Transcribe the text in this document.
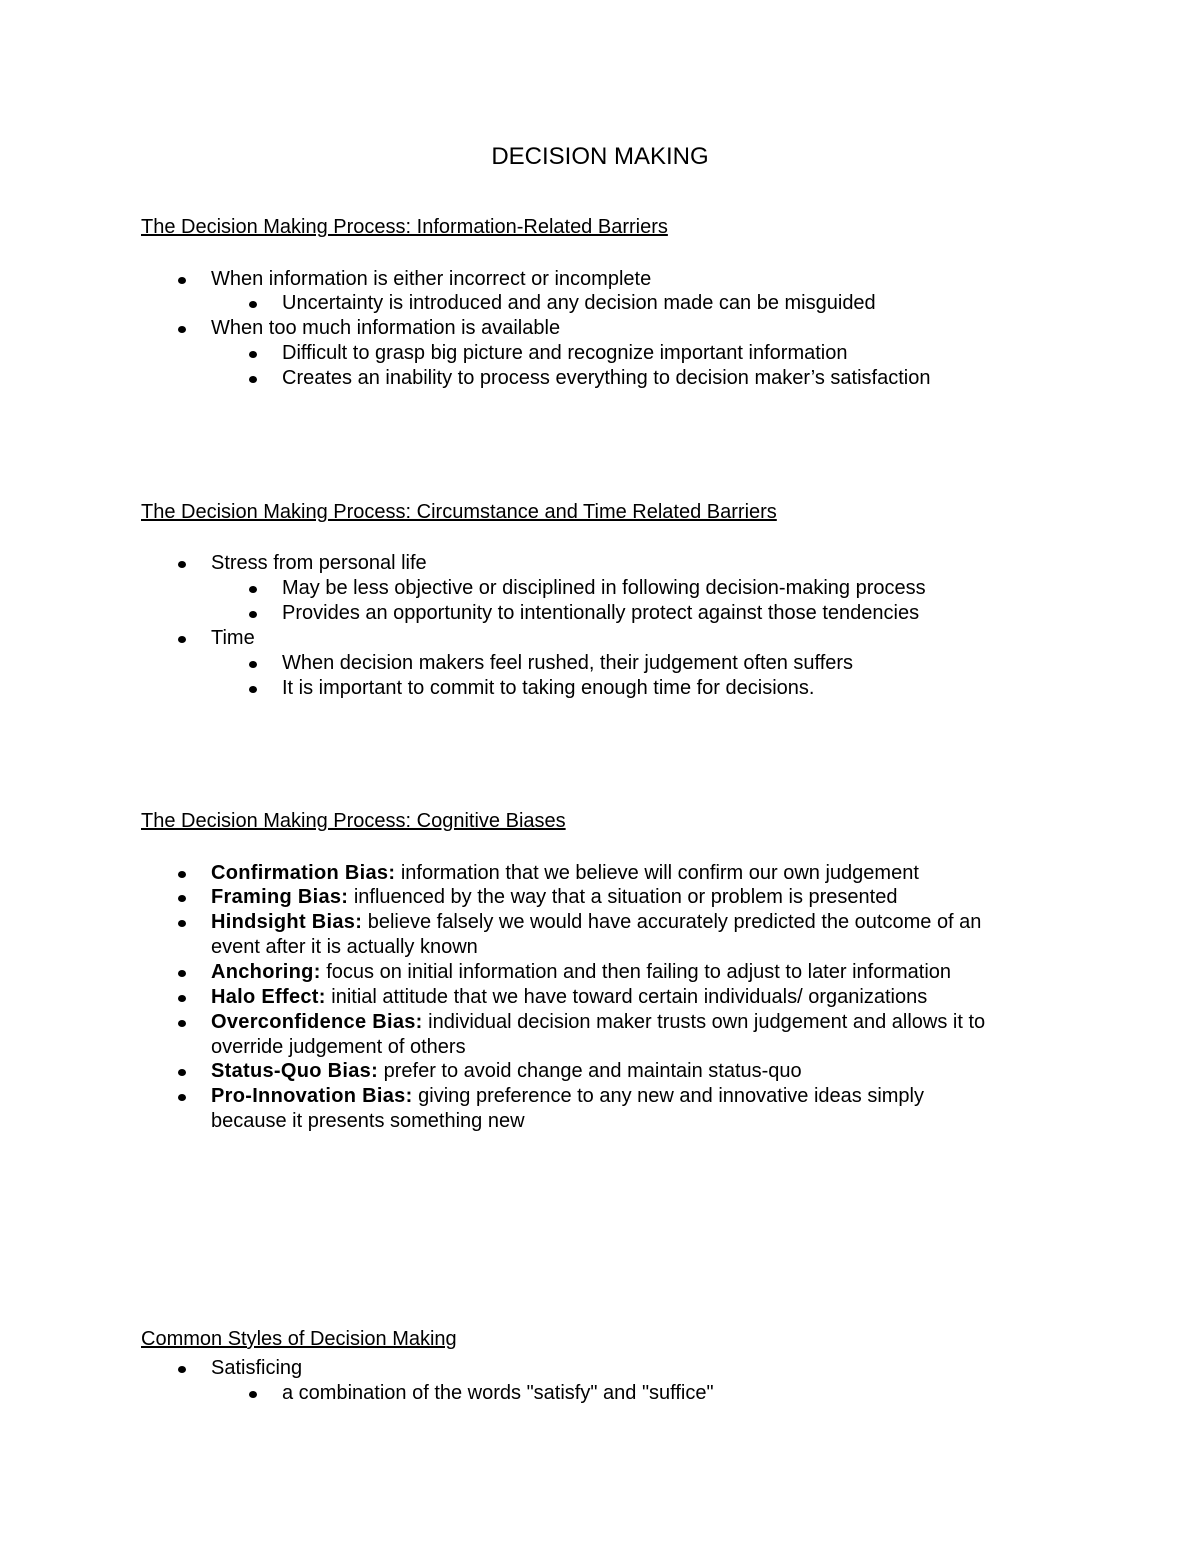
DECISION MAKING
The Decision Making Process: Information-Related Barriers
When information is either incorrect or incomplete
Uncertainty is introduced and any decision made can be misguided
When too much information is available
Difficult to grasp big picture and recognize important information
Creates an inability to process everything to decision maker’s satisfaction
The Decision Making Process: Circumstance and Time Related Barriers
Stress from personal life
May be less objective or disciplined in following decision-making process
Provides an opportunity to intentionally protect against those tendencies
Time
When decision makers feel rushed, their judgement often suffers
It is important to commit to taking enough time for decisions.
The Decision Making Process: Cognitive Biases
Confirmation Bias: information that we believe will confirm our own judgement
Framing Bias: influenced by the way that a situation or problem is presented
Hindsight Bias: believe falsely we would have accurately predicted the outcome of an
event after it is actually known
Anchoring: focus on initial information and then failing to adjust to later information
Halo Effect: initial attitude that we have toward certain individuals/ organizations
Overconfidence Bias: individual decision maker trusts own judgement and allows it to
override judgement of others
Status-Quo Bias: prefer to avoid change and maintain status-quo
Pro-Innovation Bias: giving preference to any new and innovative ideas simply
because it presents something new
Common Styles of Decision Making
Satisficing
a combination of the words "satisfy" and "suffice"
